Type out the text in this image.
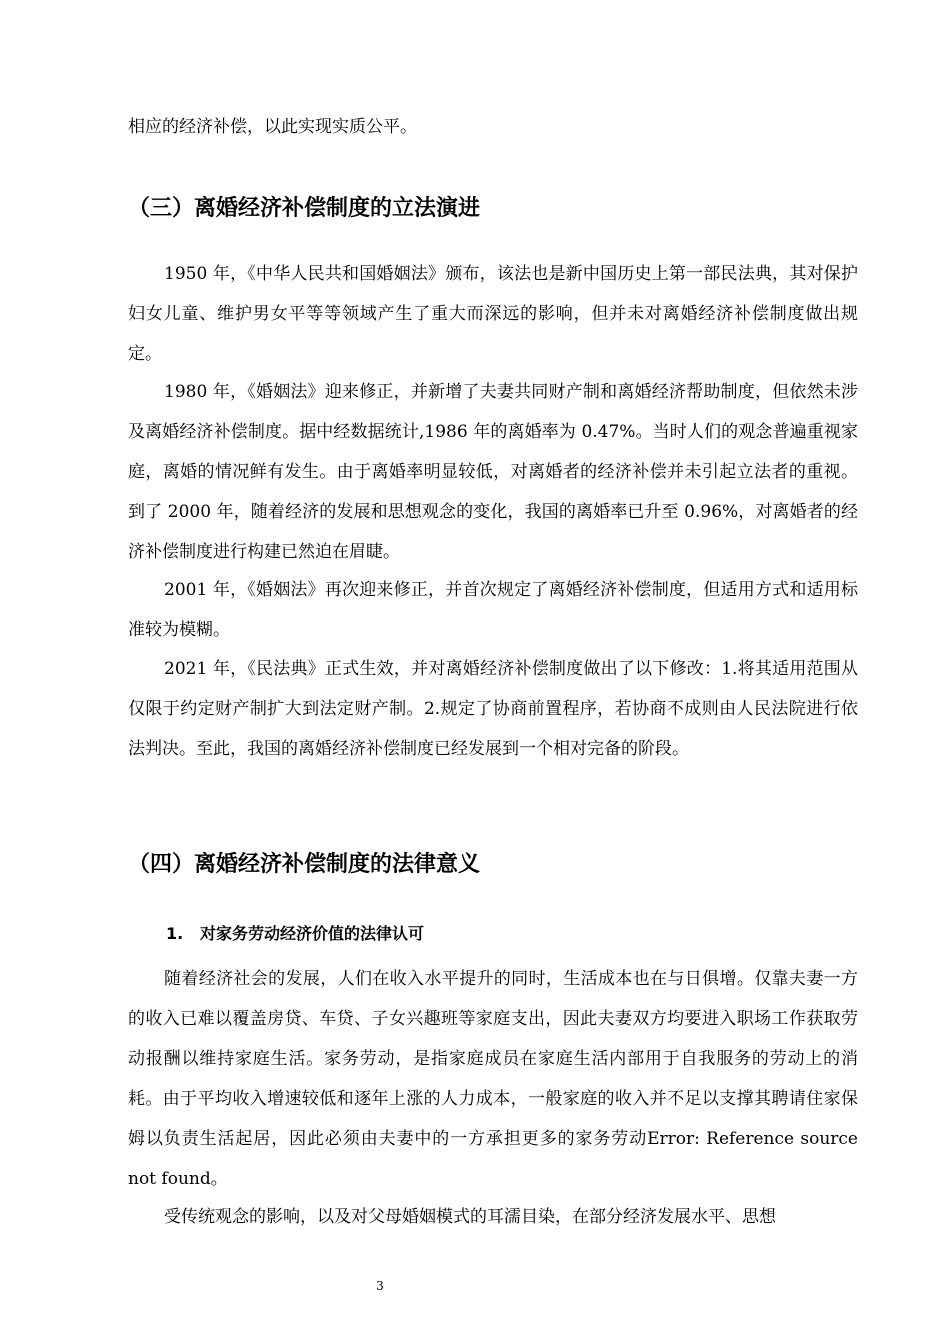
相应的经济补偿，以此实现实质公平。

（三）离婚经济补偿制度的立法演进

1950 年，《中华人民共和国婚姻法》颁布，该法也是新中国历史上第一部民法典，其对保护妇女儿童、维护男女平等等领域产生了重大而深远的影响，但并未对离婚经济补偿制度做出规定。

1980 年，《婚姻法》迎来修正，并新增了夫妻共同财产制和离婚经济帮助制度，但依然未涉及离婚经济补偿制度。据中经数据统计,1986 年的离婚率为 0.47%。当时人们的观念普遍重视家庭，离婚的情况鲜有发生。由于离婚率明显较低，对离婚者的经济补偿并未引起立法者的重视。到了 2000 年，随着经济的发展和思想观念的变化，我国的离婚率已升至 0.96%，对离婚者的经济补偿制度进行构建已然迫在眉睫。

2001 年，《婚姻法》再次迎来修正，并首次规定了离婚经济补偿制度，但适用方式和适用标准较为模糊。

2021 年，《民法典》正式生效，并对离婚经济补偿制度做出了以下修改：1.将其适用范围从仅限于约定财产制扩大到法定财产制。2.规定了协商前置程序，若协商不成则由人民法院进行依法判决。至此，我国的离婚经济补偿制度已经发展到一个相对完备的阶段。

（四）离婚经济补偿制度的法律意义
1. 对家务劳动经济价值的法律认可

随着经济社会的发展，人们在收入水平提升的同时，生活成本也在与日俱增。仅靠夫妻一方的收入已难以覆盖房贷、车贷、子女兴趣班等家庭支出，因此夫妻双方均要进入职场工作获取劳动报酬以维持家庭生活。家务劳动，是指家庭成员在家庭生活内部用于自我服务的劳动上的消耗。由于平均收入增速较低和逐年上涨的人力成本，一般家庭的收入并不足以支撑其聘请住家保姆以负责生活起居，因此必须由夫妻中的一方承担更多的家务劳动Error: Reference source not found。

受传统观念的影响，以及对父母婚姻模式的耳濡目染，在部分经济发展水平、思想

3
